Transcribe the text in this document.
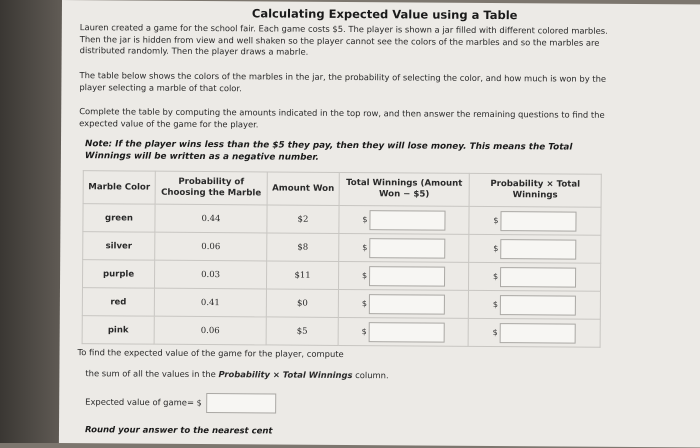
Calculating Expected Value using a Table
Lauren created a game for the school fair. Each game costs $5. The player is shown a jar filled with different colored marbles. Then the jar is hidden from view and well shaken so the player cannot see the colors of the marbles and so the marbles are distributed randomly. Then the player draws a mabrle.
The table below shows the colors of the marbles in the jar, the probability of selecting the color, and how much is won by the player selecting a marble of that color.
Complete the table by computing the amounts indicated in the top row, and then answer the remaining questions to find the expected value of the game for the player.
Note: If the player wins less than the $5 they pay, then they will lose money. This means the Total Winnings will be written as a negative number.
Marble Color	Probability of Choosing the Marble	Amount Won	Total Winnings (Amount Won − $5)	Probability × Total Winnings
green	0.44	$2	$	$

silver	0.06	$8	$	$

purple	0.03	$11	$	$

red	0.41	$0	$	$

pink	0.06	$5	$	$
To find the expected value of the game for the player, compute
the sum of all the values in the Probability × Total Winnings column.
Expected value of game= $
Round your answer to the nearest cent
